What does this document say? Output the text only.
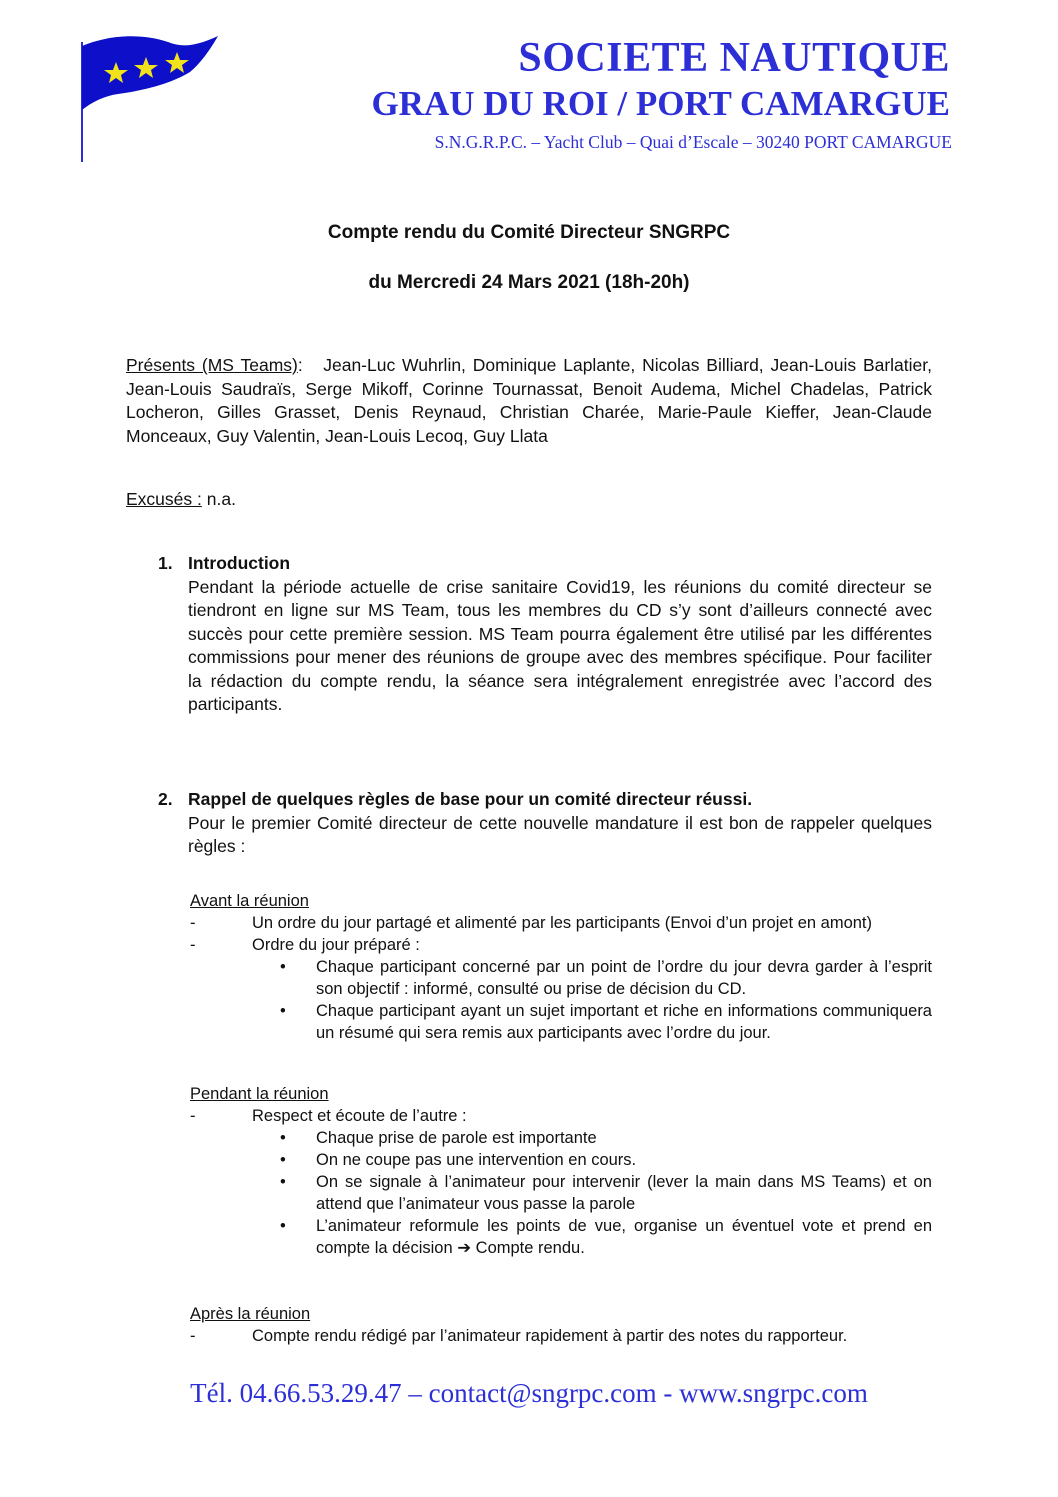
SOCIETE NAUTIQUE
GRAU DU ROI / PORT CAMARGUE
S.N.G.R.P.C. – Yacht Club – Quai d’Escale – 30240 PORT CAMARGUE
Compte rendu du Comité Directeur SNGRPC
du Mercredi 24 Mars 2021 (18h-20h)
Présents (MS Teams): Jean-Luc Wuhrlin, Dominique Laplante, Nicolas Billiard, Jean-Louis Barlatier, Jean-Louis Saudraïs, Serge Mikoff, Corinne Tournassat, Benoit Audema, Michel Chadelas, Patrick Locheron, Gilles Grasset, Denis Reynaud, Christian Charée, Marie-Paule Kieffer, Jean-Claude Monceaux, Guy Valentin, Jean-Louis Lecoq, Guy Llata
Excusés : n.a.
1. Introduction
Pendant la période actuelle de crise sanitaire Covid19, les réunions du comité directeur se tiendront en ligne sur MS Team, tous les membres du CD s’y sont d’ailleurs connecté avec succès pour cette première session. MS Team pourra également être utilisé par les différentes commissions pour mener des réunions de groupe avec des membres spécifique. Pour faciliter la rédaction du compte rendu, la séance sera intégralement enregistrée avec l’accord des participants.
2. Rappel de quelques règles de base pour un comité directeur réussi.
Pour le premier Comité directeur de cette nouvelle mandature il est bon de rappeler quelques règles :
Avant la réunion
-	Un ordre du jour partagé et alimenté par les participants (Envoi d’un projet en amont)
-	Ordre du jour préparé :
•	Chaque participant concerné par un point de l’ordre du jour devra garder à l’esprit son objectif : informé, consulté ou prise de décision du CD.
•	Chaque participant ayant un sujet important et riche en informations communiquera un résumé qui sera remis aux participants avec l’ordre du jour.
Pendant la réunion
-	Respect et écoute de l’autre :
•	Chaque prise de parole est importante
•	On ne coupe pas une intervention en cours.
•	On se signale à l’animateur pour intervenir (lever la main dans MS Teams) et on attend que l’animateur vous passe la parole
•	L’animateur reformule les points de vue, organise un éventuel vote et prend en compte la décision ➔ Compte rendu.
Après la réunion
-	Compte rendu rédigé par l’animateur rapidement à partir des notes du rapporteur.
Tél. 04.66.53.29.47 – contact@sngrpc.com - www.sngrpc.com
